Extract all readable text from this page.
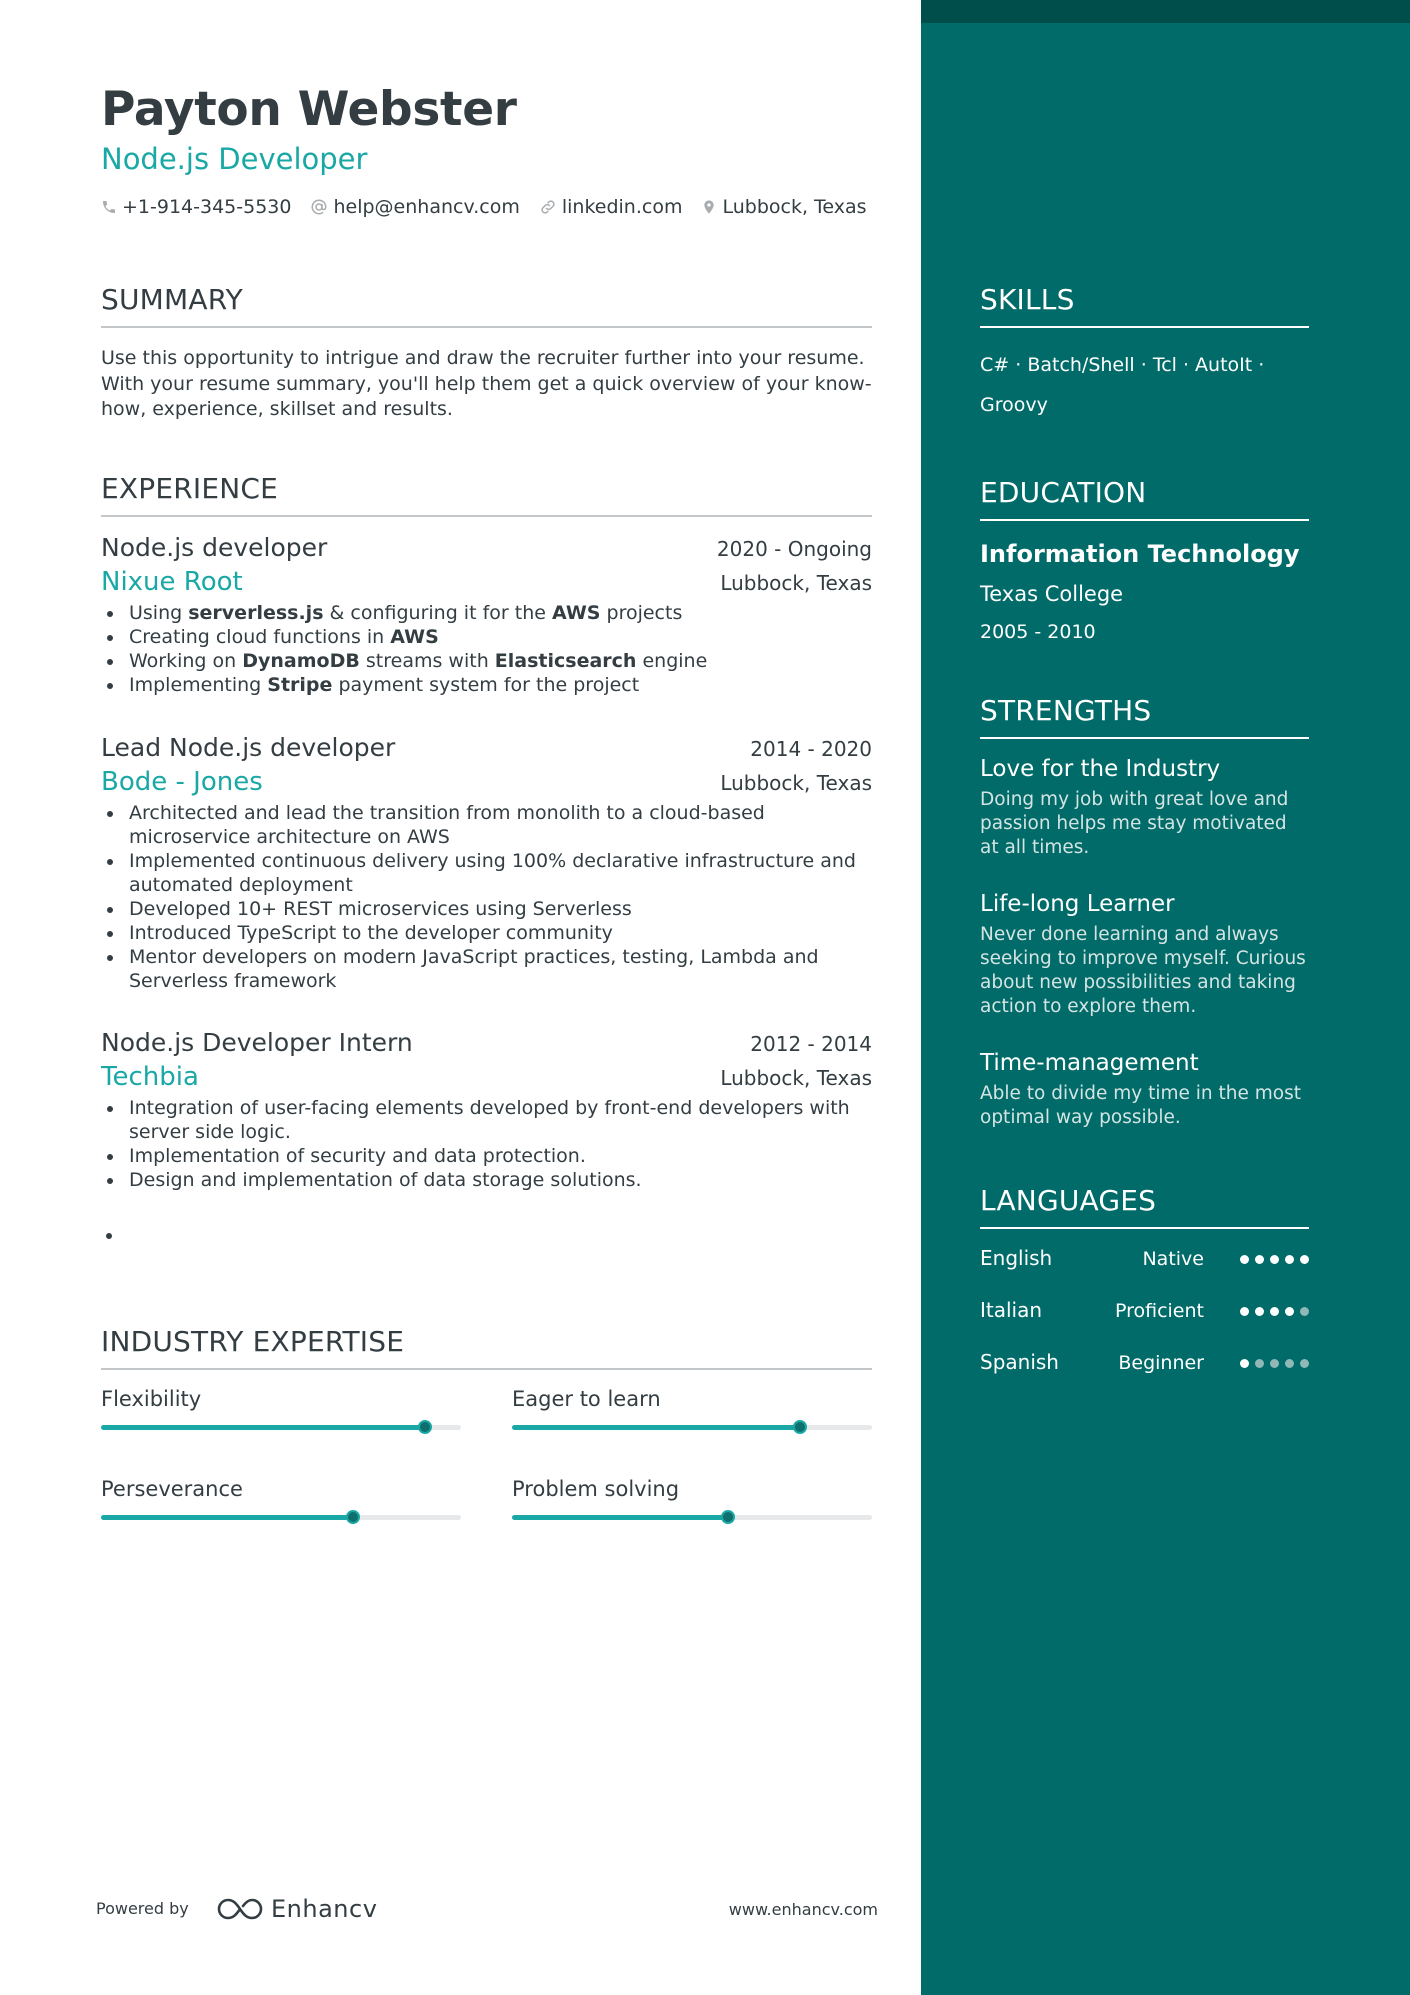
Payton Webster
Node.js Developer
+1-914-345-5530 help@enhancv.com linkedin.com Lubbock, Texas
SUMMARY
Use this opportunity to intrigue and draw the recruiter further into your resume. With your resume summary, you'll help them get a quick overview of your know-how, experience, skillset and results.
EXPERIENCE
Node.js developer	2020 - Ongoing
Nixue Root	Lubbock, Texas
Using serverless.js & configuring it for the AWS projects
Creating cloud functions in AWS
Working on DynamoDB streams with Elasticsearch engine
Implementing Stripe payment system for the project
Lead Node.js developer	2014 - 2020
Bode - Jones	Lubbock, Texas
Architected and lead the transition from monolith to a cloud-based microservice architecture on AWS
Implemented continuous delivery using 100% declarative infrastructure and automated deployment
Developed 10+ REST microservices using Serverless
Introduced TypeScript to the developer community
Mentor developers on modern JavaScript practices, testing, Lambda and Serverless framework
Node.js Developer Intern	2012 - 2014
Techbia	Lubbock, Texas
Integration of user-facing elements developed by front-end developers with server side logic.
Implementation of security and data protection.
Design and implementation of data storage solutions.
INDUSTRY EXPERTISE
Flexibility	Eager to learn
Perseverance	Problem solving
SKILLS
C# · Batch/Shell · Tcl · AutoIt · Groovy
EDUCATION
Information Technology
Texas College
2005 - 2010
STRENGTHS
Love for the Industry
Doing my job with great love and passion helps me stay motivated at all times.
Life-long Learner
Never done learning and always seeking to improve myself. Curious about new possibilities and taking action to explore them.
Time-management
Able to divide my time in the most optimal way possible.
LANGUAGES
English	Native
Italian	Proficient
Spanish	Beginner
Powered by	Enhancv	www.enhancv.com
